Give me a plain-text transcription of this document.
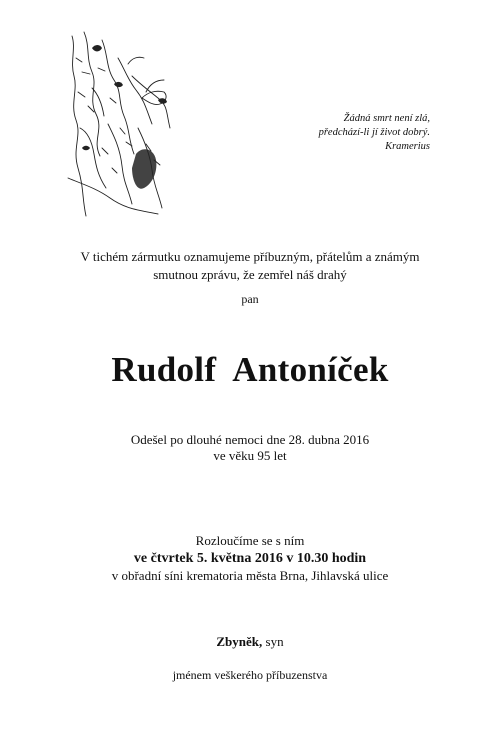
Žádná smrt není zlá,
předchází-li jí život dobrý.

Kramerius
V tichém zármutku oznamujeme příbuzným, přátelům a známým
smutnou zprávu, že zemřel náš drahý
pan
Rudolf Antoníček
Odešel po dlouhé nemoci dne 28. dubna 2016
ve věku 95 let
Rozloučíme se s ním
ve čtvrtek 5. května 2016 v 10.30 hodin
v obřadní síni krematoria města Brna, Jihlavská ulice
Zbyněk, syn
jménem veškerého příbuzenstva
